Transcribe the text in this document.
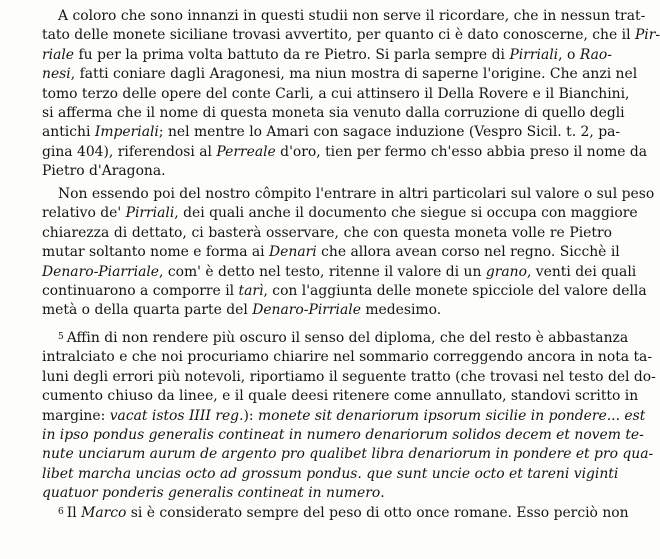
A coloro che sono innanzi in questi studii non serve il ricordare, che in nessun trat-
tato delle monete siciliane trovasi avvertito, per quanto ci è dato conoscerne, che il Pir-
riale fu per la prima volta battuto da re Pietro. Si parla sempre di Pirriali, o Rao-
nesi, fatti coniare dagli Aragonesi, ma niun mostra di saperne l'origine. Che anzi nel
tomo terzo delle opere del conte Carli, a cui attinsero il Della Rovere e il Bianchini,
si afferma che il nome di questa moneta sia venuto dalla corruzione di quello degli
antichi Imperiali; nel mentre lo Amari con sagace induzione (Vespro Sicil. t. 2, pa-
gina 404), riferendosi al Perreale d'oro, tien per fermo ch'esso abbia preso il nome da
Pietro d'Aragona.
Non essendo poi del nostro cômpito l'entrare in altri particolari sul valore o sul peso
relativo de' Pirriali, dei quali anche il documento che siegue si occupa con maggiore
chiarezza di dettato, ci basterà osservare, che con questa moneta volle re Pietro
mutar soltanto nome e forma ai Denari che allora avean corso nel regno. Sicchè il
Denaro-Piarriale, com' è detto nel testo, ritenne il valore di un grano, venti dei quali
continuarono a comporre il tarì, con l'aggiunta delle monete spicciole del valore della
metà o della quarta parte del Denaro-Pirriale medesimo.
$^5$ Affin di non rendere più oscuro il senso del diploma, che del resto è abbastanza
intralciato e che noi procuriamo chiarire nel sommario correggendo ancora in nota ta-
luni degli errori più notevoli, riportiamo il seguente tratto (che trovasi nel testo del do-
cumento chiuso da linee, e il quale deesi ritenere come annullato, standovi scritto in
margine: vacat istos IIII reg.): monete sit denariorum ipsorum sicilie in pondere... est
in ipso pondus generalis contineat in numero denariorum solidos decem et novem te-
nute unciarum aurum de argento pro qualibet libra denariorum in pondere et pro qua-
libet marcha uncias octo ad grossum pondus. que sunt uncie octo et tareni viginti
quatuor ponderis generalis contineat in numero.
$^6$ Il Marco si è considerato sempre del peso di otto once romane. Esso perciò non
